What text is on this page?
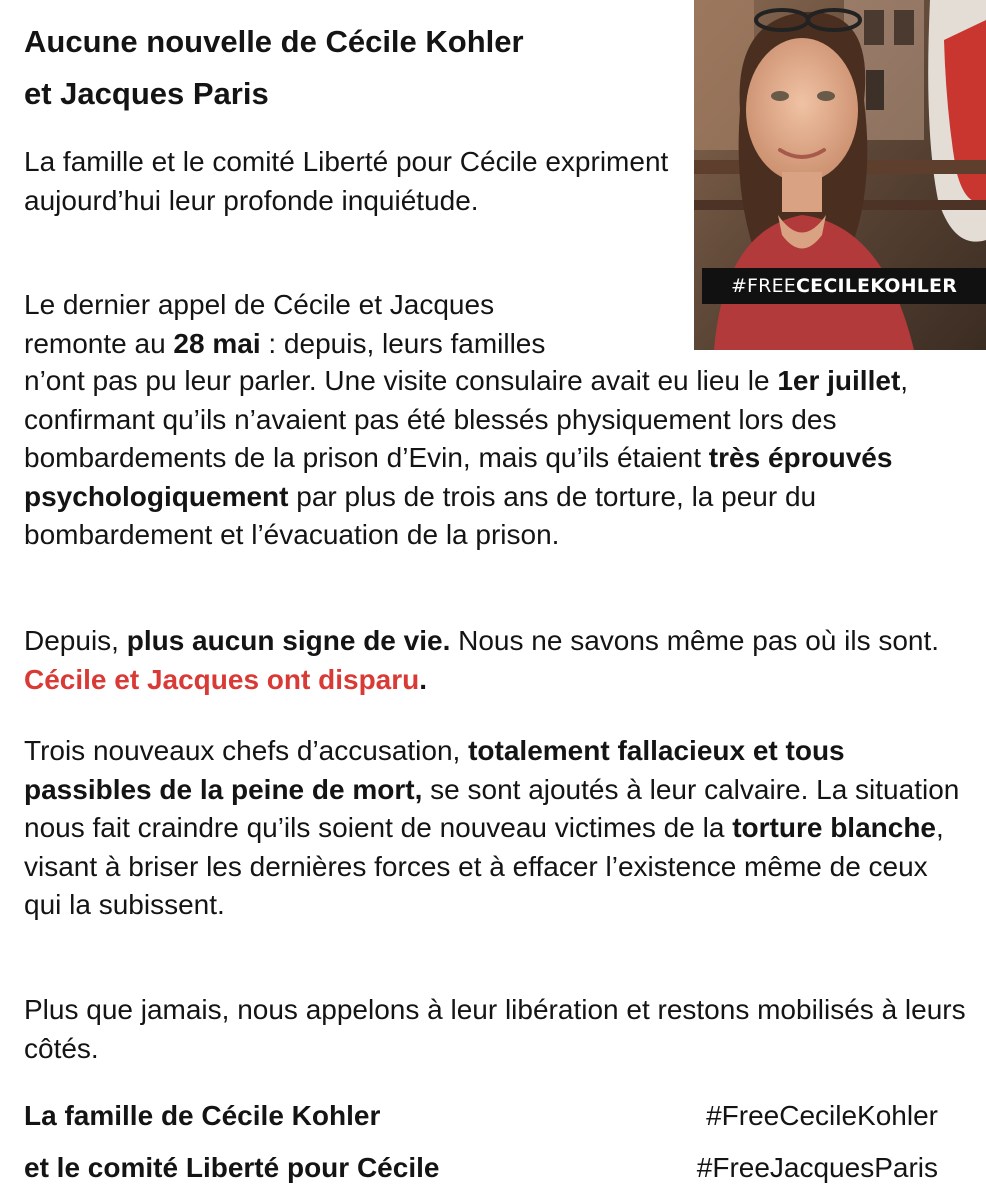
Aucune nouvelle de Cécile Kohler
et Jacques Paris
#FREE CECILEKOHLER

La famille et le comité Liberté pour Cécile expriment aujourd’hui leur profonde inquiétude.

Le dernier appel de Cécile et Jacques
remonte au 28 mai : depuis, leurs familles

n’ont pas pu leur parler. Une visite consulaire avait eu lieu le 1er juillet, confirmant qu’ils n’avaient pas été blessés physiquement lors des bombardements de la prison d’Evin, mais qu’ils étaient très éprouvés psychologiquement par plus de trois ans de torture, la peur du bombardement et l’évacuation de la prison.

Depuis, plus aucun signe de vie. Nous ne savons même pas où ils sont. Cécile et Jacques ont disparu.

Trois nouveaux chefs d’accusation, totalement fallacieux et tous passibles de la peine de mort, se sont ajoutés à leur calvaire. La situation nous fait craindre qu’ils soient de nouveau victimes de la torture blanche, visant à briser les dernières forces et à effacer l’existence même de ceux qui la subissent.

Plus que jamais, nous appelons à leur libération et restons mobilisés à leurs côtés.

La famille de Cécile Kohler
et le comité Liberté pour Cécile
#FreeCecileKohler
#FreeJacquesParis
